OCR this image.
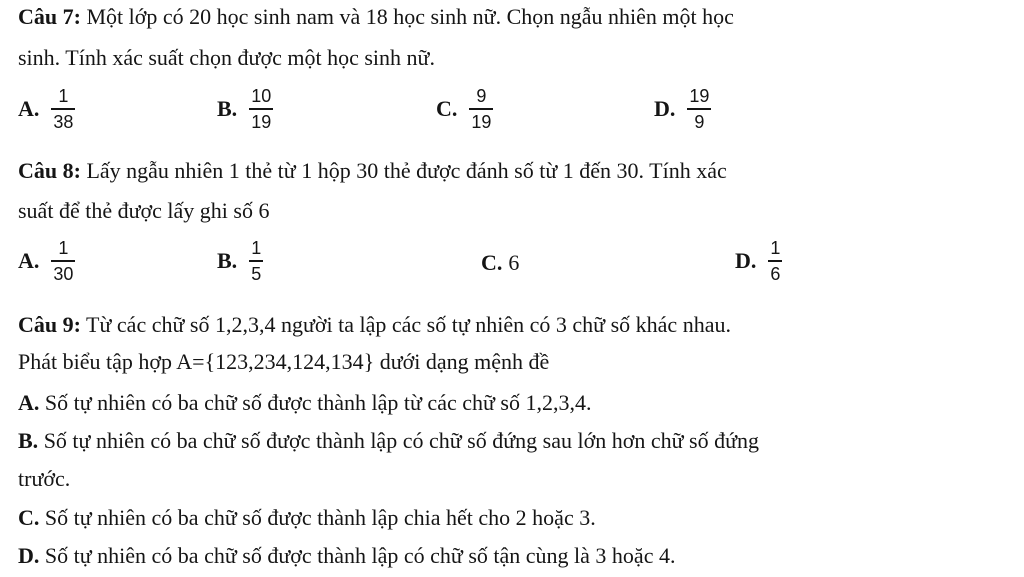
Câu 7: Một lớp có 20 học sinh nam và 18 học sinh nữ. Chọn ngẫu nhiên một học
sinh. Tính xác suất chọn được một học sinh nữ.
A. $\frac{1}{38}$	B. $\frac{10}{19}$	C. $\frac{9}{19}$	D. $\frac{19}{9}$
Câu 8: Lấy ngẫu nhiên 1 thẻ từ 1 hộp 30 thẻ được đánh số từ 1 đến 30. Tính xác
suất để thẻ được lấy ghi số 6
A. $\frac{1}{30}$	B. $\frac{1}{5}$	C. 6	D. $\frac{1}{6}$
Câu 9: Từ các chữ số 1,2,3,4 người ta lập các số tự nhiên có 3 chữ số khác nhau.
Phát biểu tập hợp A={123,234,124,134} dưới dạng mệnh đề
A. Số tự nhiên có ba chữ số được thành lập từ các chữ số 1,2,3,4.
B. Số tự nhiên có ba chữ số được thành lập có chữ số đứng sau lớn hơn chữ số đứng
trước.
C. Số tự nhiên có ba chữ số được thành lập chia hết cho 2 hoặc 3.
D. Số tự nhiên có ba chữ số được thành lập có chữ số tận cùng là 3 hoặc 4.
